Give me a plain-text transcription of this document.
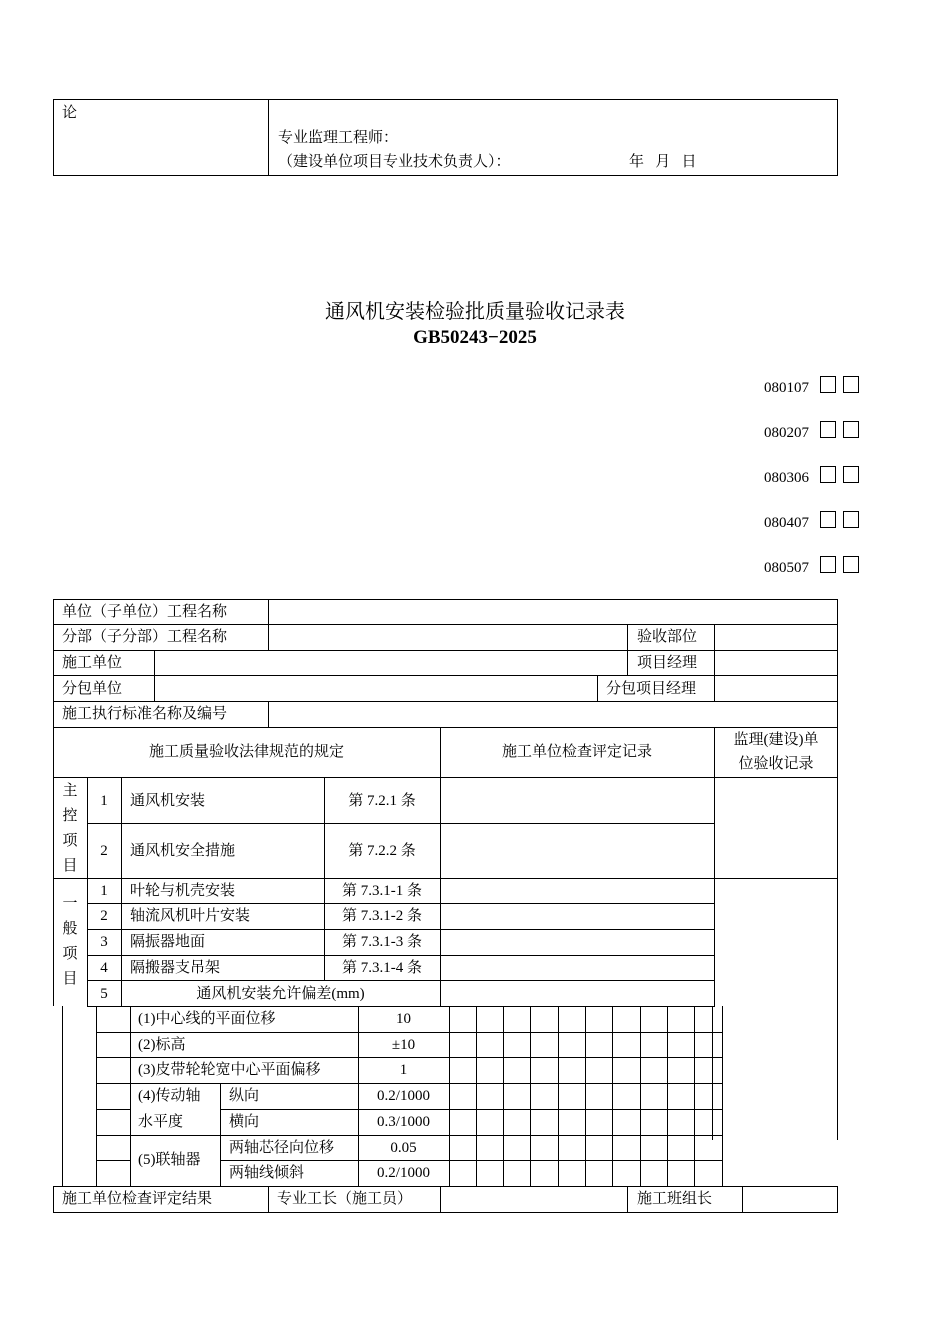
论
专业监理工程师：
（建设单位项目专业技术负责人）：	年   月   日
通风机安装检验批质量验收记录表
GB50243−2025
080107
080207
080306
080407
080507
单位（子单位）工程名称
分部（子分部）工程名称	验收部位
施工单位	项目经理
分包单位	分包项目经理
施工执行标准名称及编号
施工质量验收法律规范的规定	施工单位检查评定记录
监理(建设)单
位验收记录
主
控
项
目
1	通风机安装	第 7.2.1 条
2	通风机安全措施	第 7.2.2 条
一
般
项
目
1	叶轮与机壳安装	第 7.3.1-1 条
2	轴流风机叶片安装	第 7.3.1-2 条
3	隔振器地面	第 7.3.1-3 条
4	隔搬器支吊架	第 7.3.1-4 条
5	通风机安装允许偏差(mm)
(1)中心线的平面位移	10
(2)标高	±10
(3)皮带轮轮宽中心平面偏移	1
(4)传动轴
水平度
纵向	0.2/1000
横向	0.3/1000
(5)联轴器
两轴芯径向位移	0.05
两轴线倾斜	0.2/1000
施工单位检查评定结果	专业工长（施工员）	施工班组长
